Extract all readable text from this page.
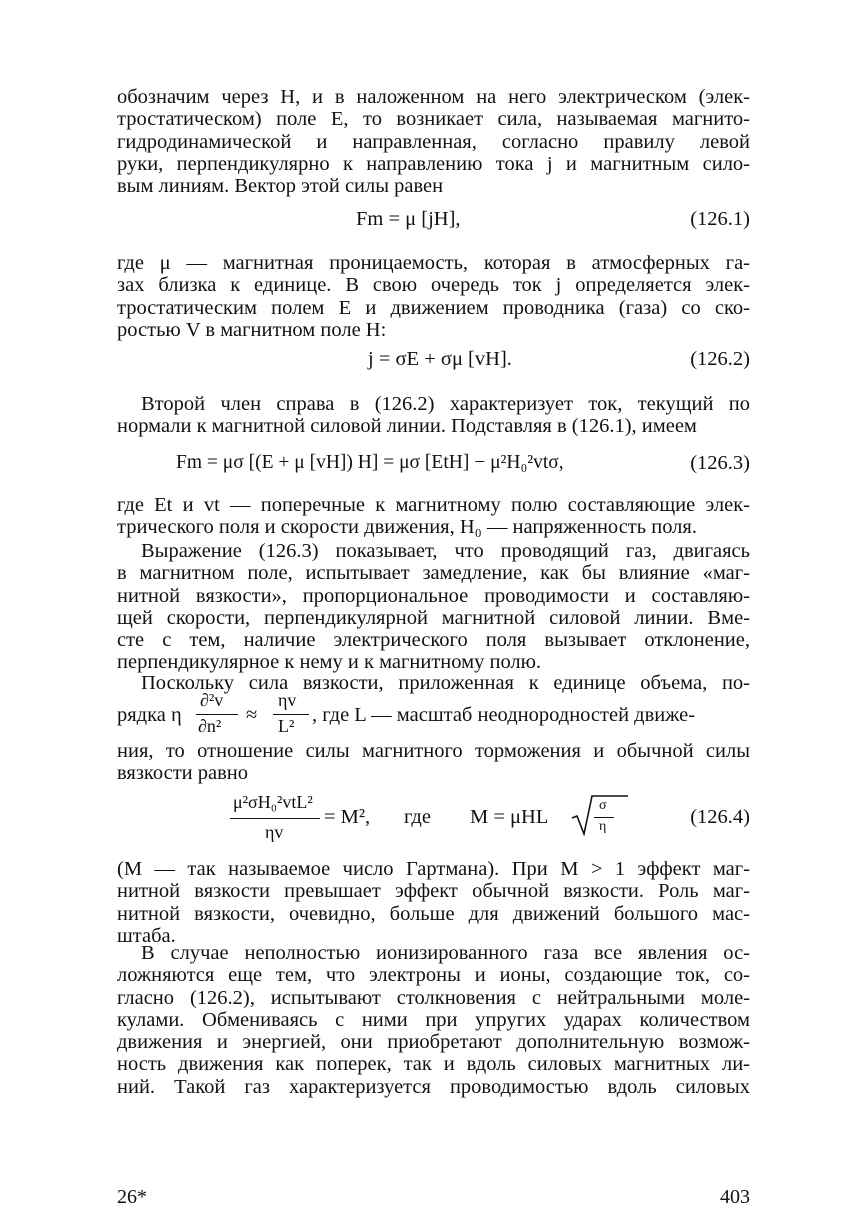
обозначим через H, и в наложенном на него электрическом (элек-
тростатическом) поле E, то возникает сила, называемая магнито-
гидродинамической и направленная, согласно правилу левой
руки, перпендикулярно к направлению тока j и магнитным сило-
вым линиям. Вектор этой силы равен
Fm = μ [jH],	(126.1)
где μ — магнитная проницаемость, которая в атмосферных га-
зах близка к единице. В свою очередь ток j определяется элек-
тростатическим полем E и движением проводника (газа) со ско-
ростью V в магнитном поле H:
j = σE + σμ [vH].	(126.2)
Второй член справа в (126.2) характеризует ток, текущий по
нормали к магнитной силовой линии. Подставляя в (126.1), имеем
Fm = μσ [(E + μ [vH]) H] = μσ [EtH] − μ²H₀²vtσ,	(126.3)
где Et и vt — поперечные к магнитному полю составляющие элек-
трического поля и скорости движения, H₀ — напряженность поля.
Выражение (126.3) показывает, что проводящий газ, двигаясь
в магнитном поле, испытывает замедление, как бы влияние «маг-
нитной вязкости», пропорциональное проводимости и составляю-
щей скорости, перпендикулярной магнитной силовой линии. Вме-
сте с тем, наличие электрического поля вызывает отклонение,
перпендикулярное к нему и к магнитному полю.
Поскольку сила вязкости, приложенная к единице объема, по-
рядка η
∂²v
∂n² ≈
ηv
L² , где L — масштаб неоднородностей движе-
ния, то отношение силы магнитного торможения и обычной силы
вязкости равно
μ²σH₀²vtL²
ηv
= M², где M = μHL
σ
η	(126.4)
(M — так называемое число Гартмана). При M > 1 эффект маг-
нитной вязкости превышает эффект обычной вязкости. Роль маг-
нитной вязкости, очевидно, больше для движений большого мас-
штаба.
В случае неполностью ионизированного газа все явления ос-
ложняются еще тем, что электроны и ионы, создающие ток, со-
гласно (126.2), испытывают столкновения с нейтральными моле-
кулами. Обмениваясь с ними при упругих ударах количеством
движения и энергией, они приобретают дополнительную возмож-
ность движения как поперек, так и вдоль силовых магнитных ли-
ний. Такой газ характеризуется проводимостью вдоль силовых
26*	403
